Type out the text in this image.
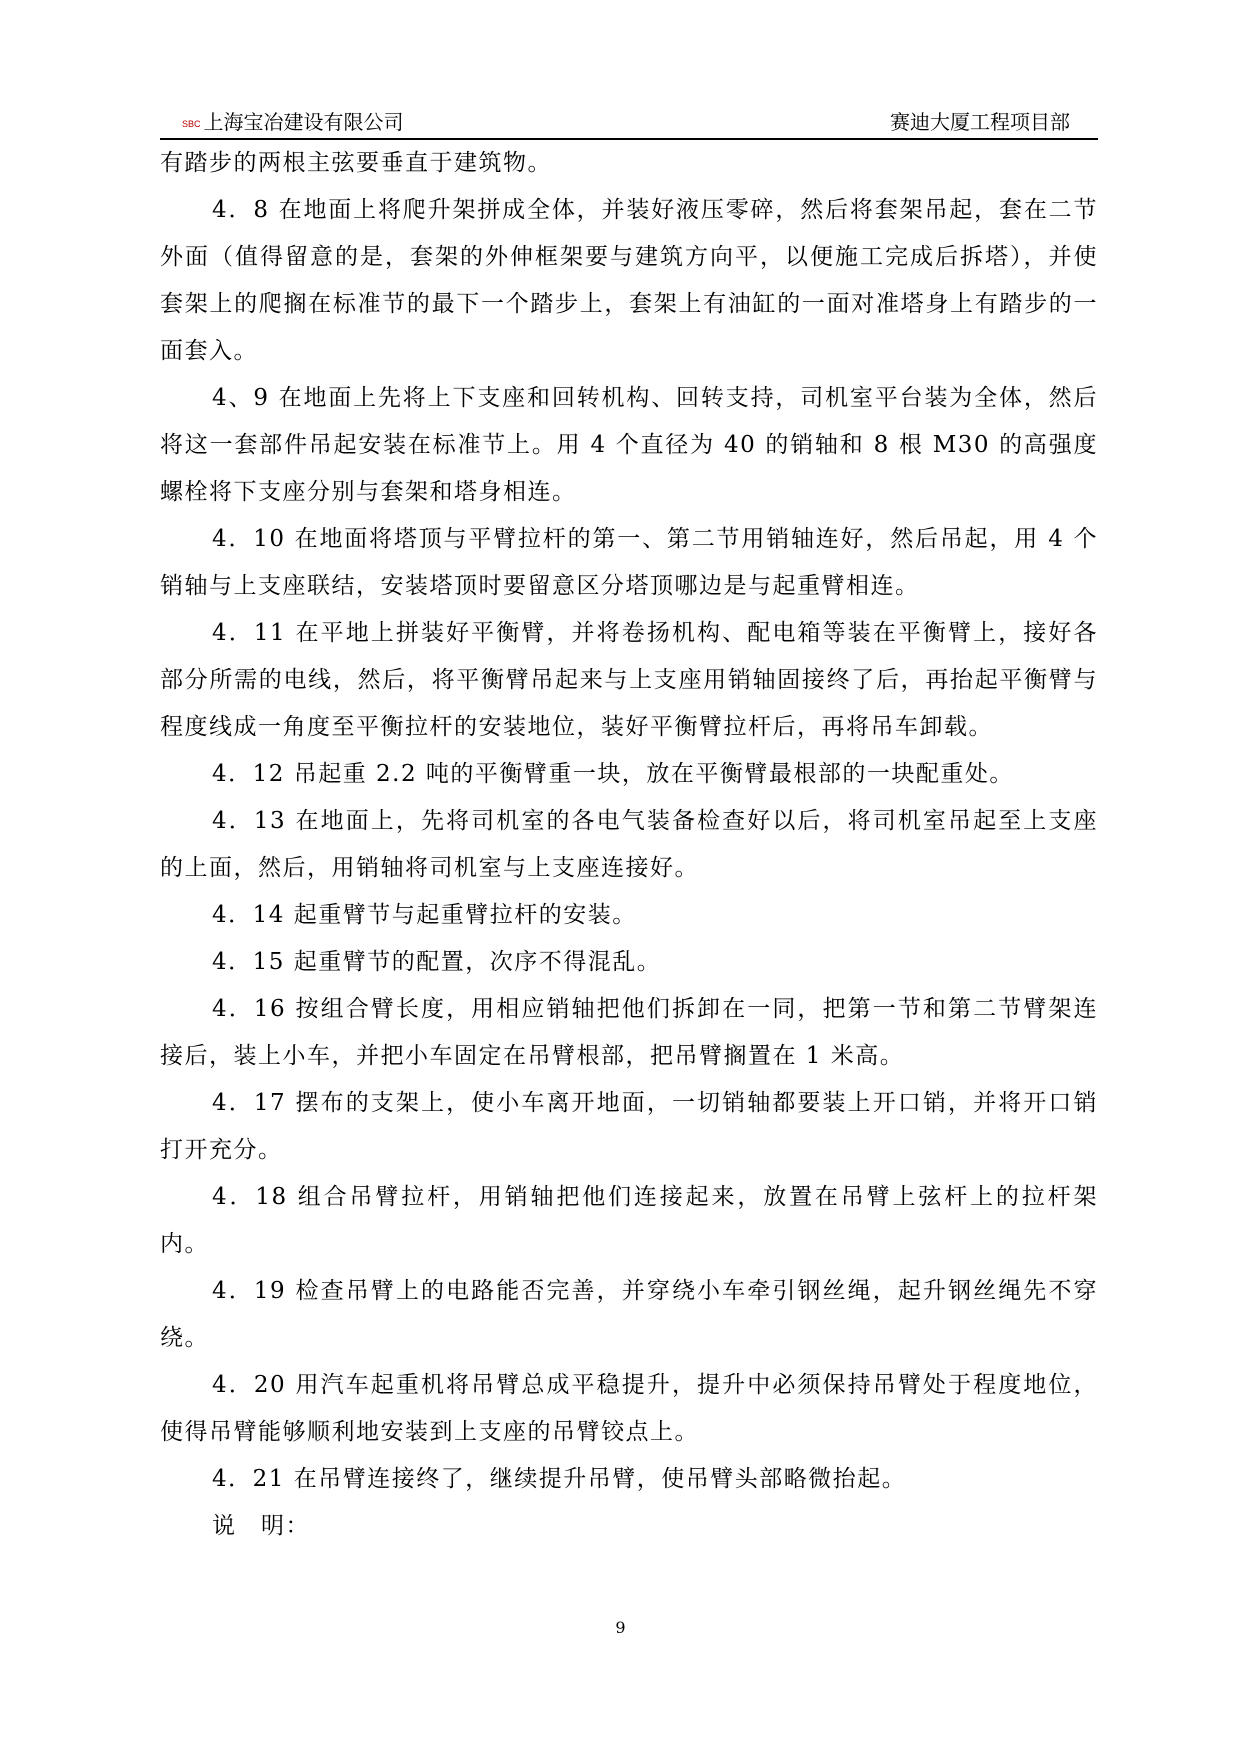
SBC 上海宝冶建设有限公司	赛迪大厦工程项目部

有踏步的两根主弦要垂直于建筑物。

4．8 在地面上将爬升架拼成全体，并装好液压零碎，然后将套架吊起，套在二节外面（值得留意的是，套架的外伸框架要与建筑方向平，以便施工完成后拆塔），并使套架上的爬搁在标准节的最下一个踏步上，套架上有油缸的一面对准塔身上有踏步的一面套入。

4、9 在地面上先将上下支座和回转机构、回转支持，司机室平台装为全体，然后将这一套部件吊起安装在标准节上。用 4 个直径为 40 的销轴和 8 根 M30 的高强度螺栓将下支座分别与套架和塔身相连。

4．10 在地面将塔顶与平臂拉杆的第一、第二节用销轴连好，然后吊起，用 4 个销轴与上支座联结，安装塔顶时要留意区分塔顶哪边是与起重臂相连。

4．11 在平地上拼装好平衡臂，并将卷扬机构、配电箱等装在平衡臂上，接好各部分所需的电线，然后，将平衡臂吊起来与上支座用销轴固接终了后，再抬起平衡臂与程度线成一角度至平衡拉杆的安装地位，装好平衡臂拉杆后，再将吊车卸载。

4．12 吊起重 2.2 吨的平衡臂重一块，放在平衡臂最根部的一块配重处。

4．13 在地面上，先将司机室的各电气装备检查好以后，将司机室吊起至上支座的上面，然后，用销轴将司机室与上支座连接好。

4．14 起重臂节与起重臂拉杆的安装。

4．15 起重臂节的配置，次序不得混乱。

4．16 按组合臂长度，用相应销轴把他们拆卸在一同，把第一节和第二节臂架连接后，装上小车，并把小车固定在吊臂根部，把吊臂搁置在 1 米高。

4．17 摆布的支架上，使小车离开地面，一切销轴都要装上开口销，并将开口销打开充分。

4．18 组合吊臂拉杆，用销轴把他们连接起来，放置在吊臂上弦杆上的拉杆架内。

4．19 检查吊臂上的电路能否完善，并穿绕小车牵引钢丝绳，起升钢丝绳先不穿绕。

4．20 用汽车起重机将吊臂总成平稳提升，提升中必须保持吊臂处于程度地位，使得吊臂能够顺利地安装到上支座的吊臂铰点上。

4．21 在吊臂连接终了，继续提升吊臂，使吊臂头部略微抬起。

说　明：

9
